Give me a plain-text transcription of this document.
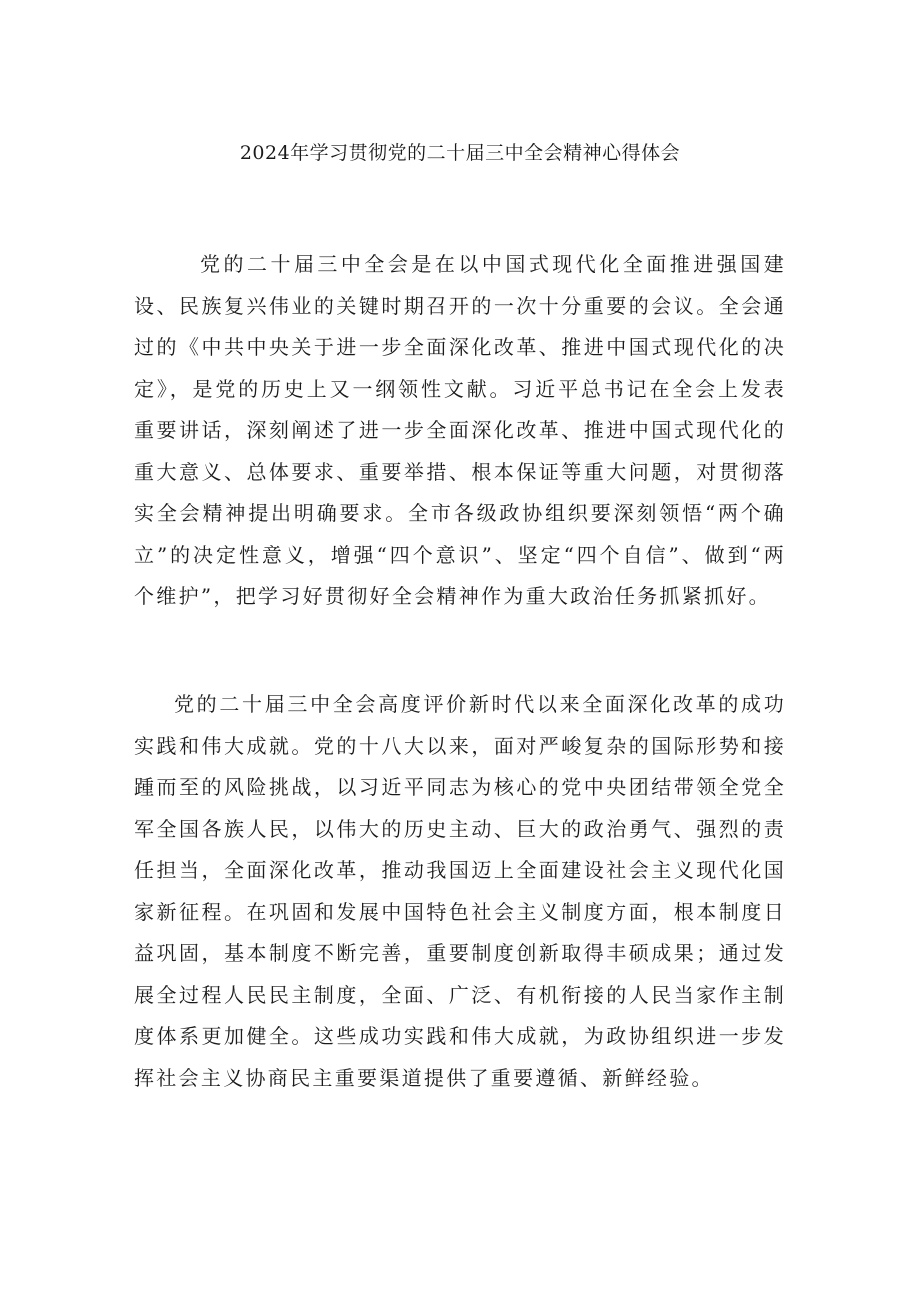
2024年学习贯彻党的二十届三中全会精神心得体会

党的二十届三中全会是在以中国式现代化全面推进强国建设、民族复兴伟业的关键时期召开的一次十分重要的会议。全会通过的《中共中央关于进一步全面深化改革、推进中国式现代化的决定》，是党的历史上又一纲领性文献。习近平总书记在全会上发表重要讲话，深刻阐述了进一步全面深化改革、推进中国式现代化的重大意义、总体要求、重要举措、根本保证等重大问题，对贯彻落实全会精神提出明确要求。全市各级政协组织要深刻领悟“两个确立”的决定性意义，增强“四个意识”、坚定“四个自信”、做到“两个维护”，把学习好贯彻好全会精神作为重大政治任务抓紧抓好。

党的二十届三中全会高度评价新时代以来全面深化改革的成功实践和伟大成就。党的十八大以来，面对严峻复杂的国际形势和接踵而至的风险挑战，以习近平同志为核心的党中央团结带领全党全军全国各族人民，以伟大的历史主动、巨大的政治勇气、强烈的责任担当，全面深化改革，推动我国迈上全面建设社会主义现代化国家新征程。在巩固和发展中国特色社会主义制度方面，根本制度日益巩固，基本制度不断完善，重要制度创新取得丰硕成果；通过发展全过程人民民主制度，全面、广泛、有机衔接的人民当家作主制度体系更加健全。这些成功实践和伟大成就，为政协组织进一步发挥社会主义协商民主重要渠道提供了重要遵循、新鲜经验。
